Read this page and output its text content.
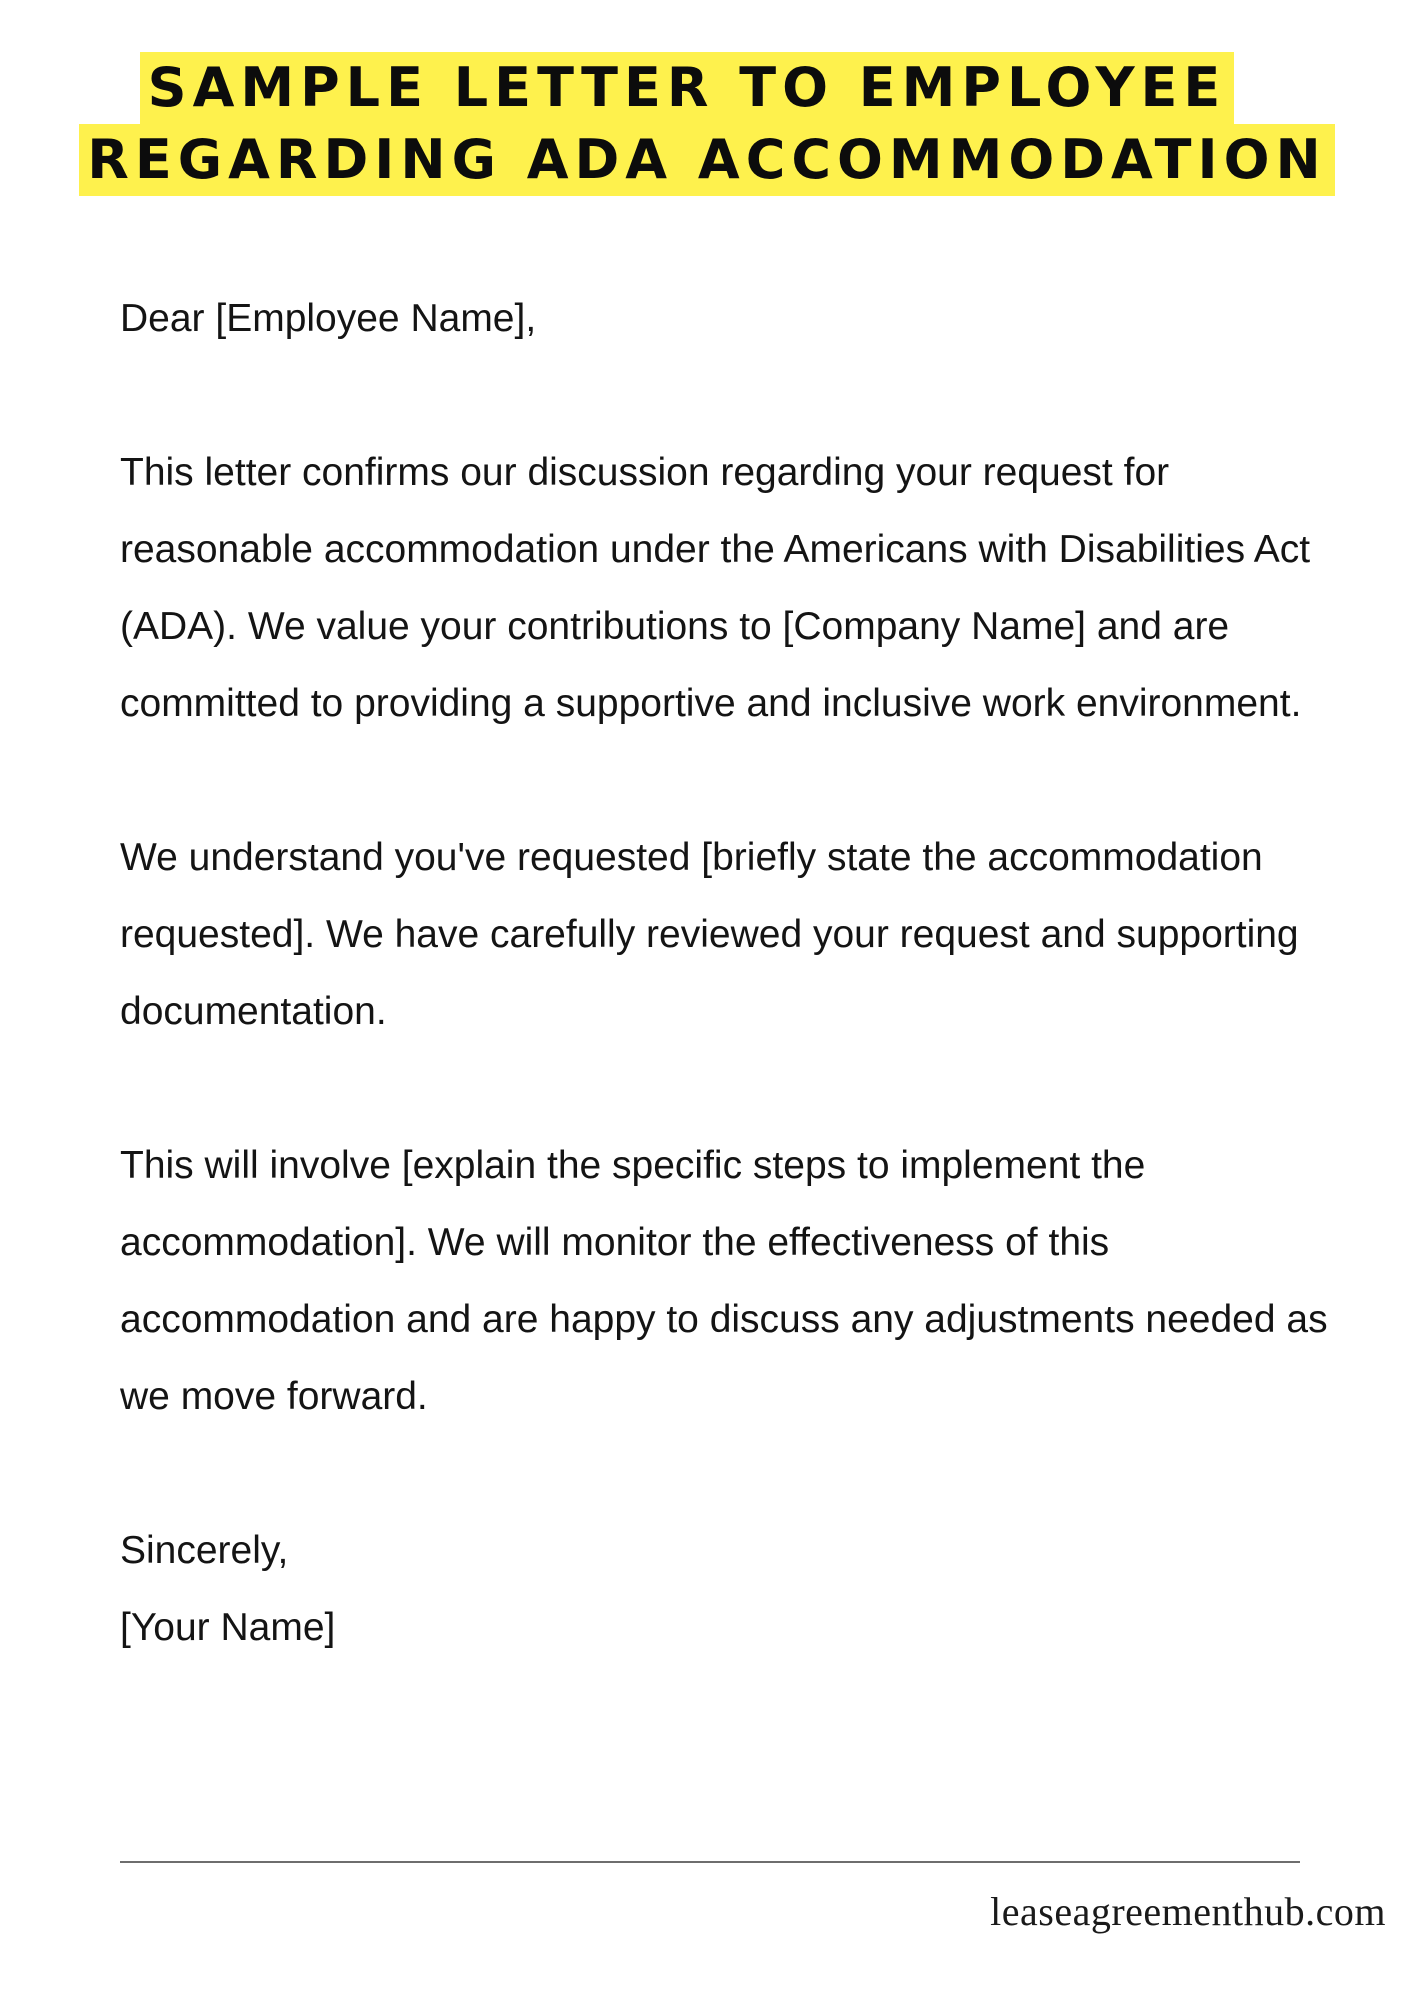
SAMPLE LETTER TO EMPLOYEE
REGARDING ADA ACCOMMODATION

Dear [Employee Name],

This letter confirms our discussion regarding your request for reasonable accommodation under the Americans with Disabilities Act (ADA). We value your contributions to [Company Name] and are committed to providing a supportive and inclusive work environment.

We understand you've requested [briefly state the accommodation requested]. We have carefully reviewed your request and supporting documentation.

This will involve [explain the specific steps to implement the accommodation]. We will monitor the effectiveness of this accommodation and are happy to discuss any adjustments needed as we move forward.

Sincerely,

[Your Name]

leaseagreementhub.com
